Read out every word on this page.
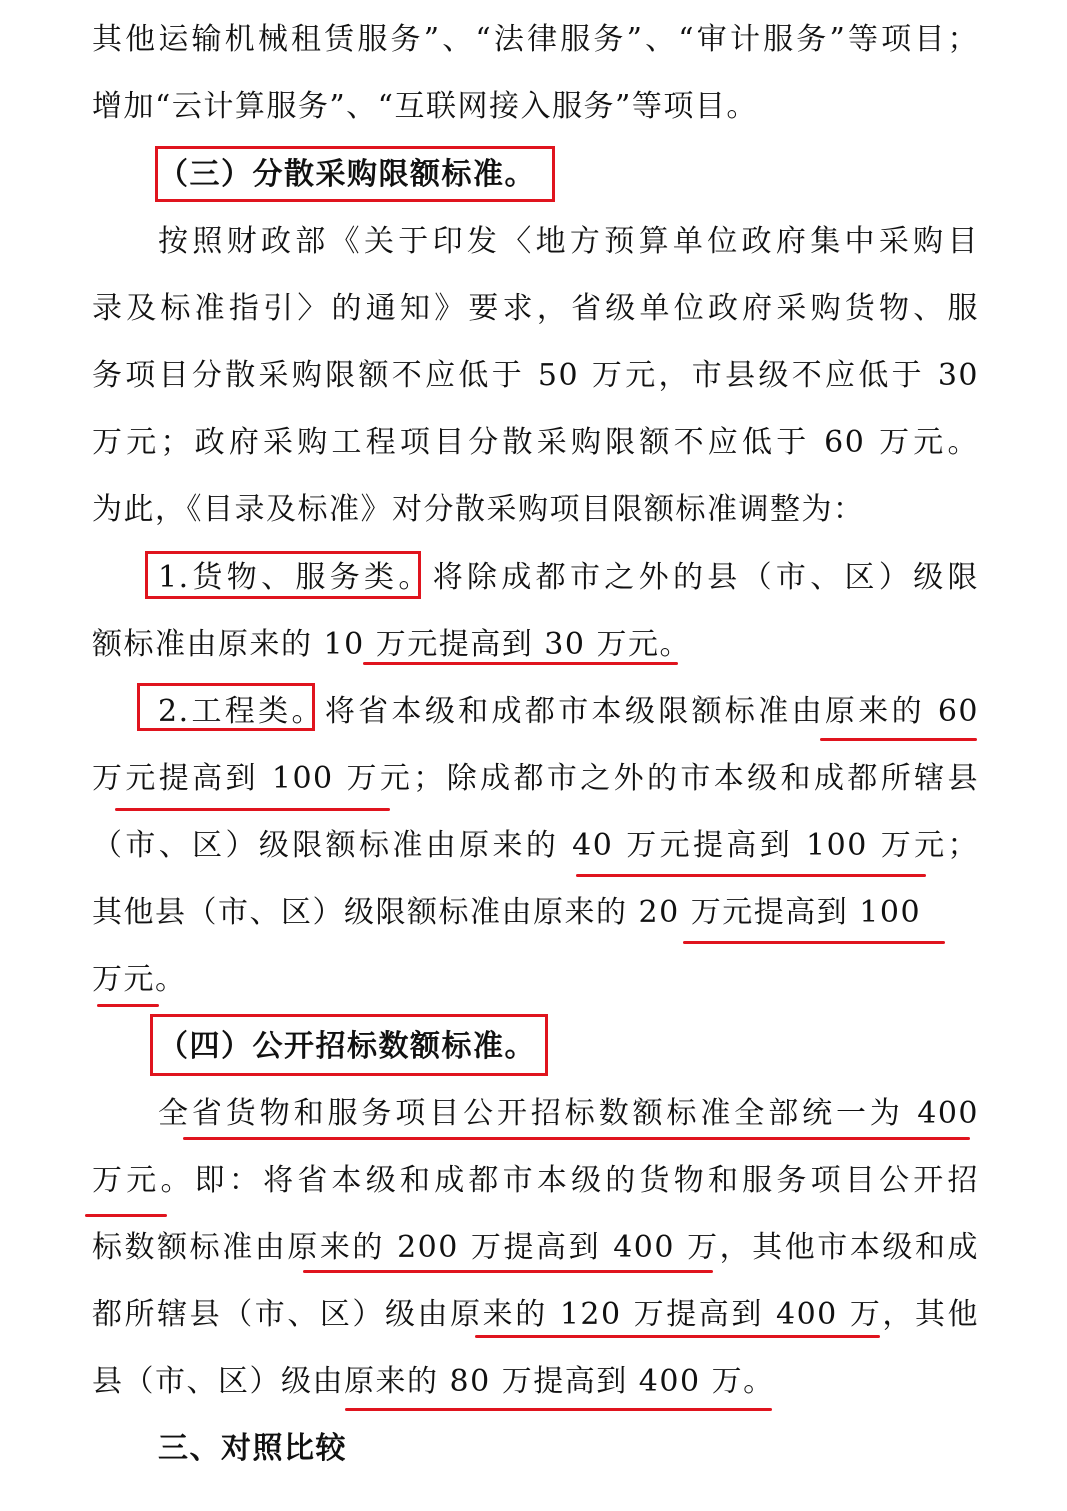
其他运输机械租赁服务”、“法律服务”、“审计服务”等项目；
增加“云计算服务”、“互联网接入服务”等项目。
（三）分散采购限额标准。
按照财政部《关于印发〈地方预算单位政府集中采购目
录及标准指引〉的通知》要求，省级单位政府采购货物、服
务项目分散采购限额不应低于 50 万元，市县级不应低于 30
万元；政府采购工程项目分散采购限额不应低于 60 万元。
为此，《目录及标准》对分散采购项目限额标准调整为：
1.货物、服务类。将除成都市之外的县（市、区）级限
额标准由原来的 10 万元提高到 30 万元。
2.工程类。将省本级和成都市本级限额标准由原来的 60
万元提高到 100 万元；除成都市之外的市本级和成都所辖县
（市、区）级限额标准由原来的 40 万元提高到 100 万元；
其他县（市、区）级限额标准由原来的 20 万元提高到 100
万元。
（四）公开招标数额标准。
全省货物和服务项目公开招标数额标准全部统一为 400
万元。即：将省本级和成都市本级的货物和服务项目公开招
标数额标准由原来的 200 万提高到 400 万，其他市本级和成
都所辖县（市、区）级由原来的 120 万提高到 400 万，其他
县（市、区）级由原来的 80 万提高到 400 万。
三、对照比较
